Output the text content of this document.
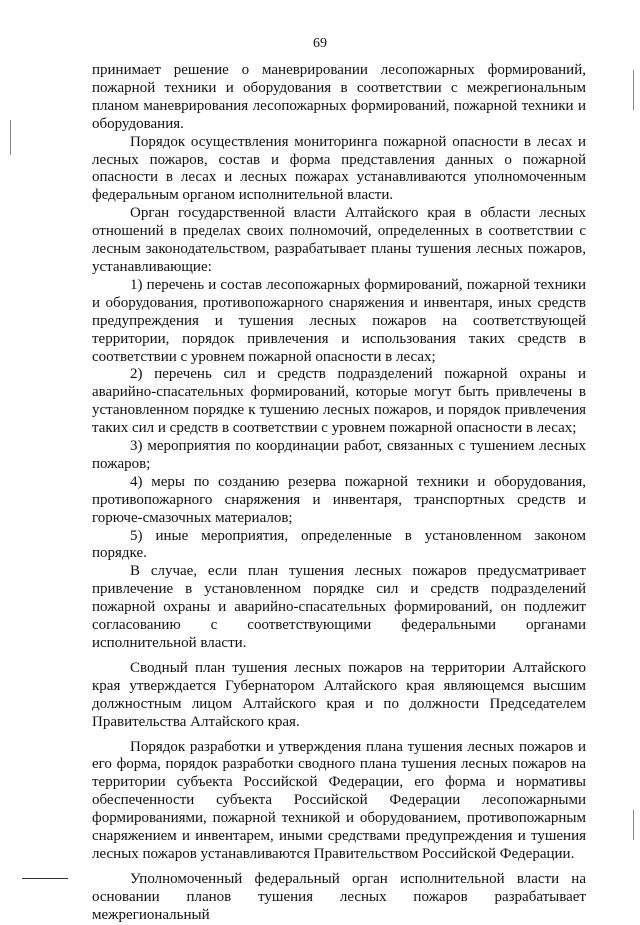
69

принимает решение о маневрировании лесопожарных формирований, пожарной техники и оборудования в соответствии с межрегиональным планом маневрирования лесопожарных формирований, пожарной техники и оборудования.

Порядок осуществления мониторинга пожарной опасности в лесах и лесных пожаров, состав и форма представления данных о пожарной опасности в лесах и лесных пожарах устанавливаются уполномоченным федеральным органом исполнительной власти.

Орган государственной власти Алтайского края в области лесных отношений в пределах своих полномочий, определенных в соответствии с лесным законодательством, разрабатывает планы тушения лесных пожаров, устанавливающие:

1) перечень и состав лесопожарных формирований, пожарной техники и оборудования, противопожарного снаряжения и инвентаря, иных средств предупреждения и тушения лесных пожаров на соответствующей территории, порядок привлечения и использования таких средств в соответствии с уровнем пожарной опасности в лесах;

2) перечень сил и средств подразделений пожарной охраны и аварийно-спасательных формирований, которые могут быть привлечены в установленном порядке к тушению лесных пожаров, и порядок привлечения таких сил и средств в соответствии с уровнем пожарной опасности в лесах;

3) мероприятия по координации работ, связанных с тушением лесных пожаров;

4) меры по созданию резерва пожарной техники и оборудования, противопожарного снаряжения и инвентаря, транспортных средств и горюче-смазочных материалов;

5) иные мероприятия, определенные в установленном законом порядке.

В случае, если план тушения лесных пожаров предусматривает привлечение в установленном порядке сил и средств подразделений пожарной охраны и аварийно-спасательных формирований, он подлежит согласованию с соответствующими федеральными органами исполнительной власти.

Сводный план тушения лесных пожаров на территории Алтайского края утверждается Губернатором Алтайского края являющемся высшим должностным лицом Алтайского края и по должности Председателем Правительства Алтайского края.

Порядок разработки и утверждения плана тушения лесных пожаров и его форма, порядок разработки сводного плана тушения лесных пожаров на территории субъекта Российской Федерации, его форма и нормативы обеспеченности субъекта Российской Федерации лесопожарными формированиями, пожарной техникой и оборудованием, противопожарным снаряжением и инвентарем, иными средствами предупреждения и тушения лесных пожаров устанавливаются Правительством Российской Федерации.

Уполномоченный федеральный орган исполнительной власти на основании планов тушения лесных пожаров разрабатывает межрегиональный
